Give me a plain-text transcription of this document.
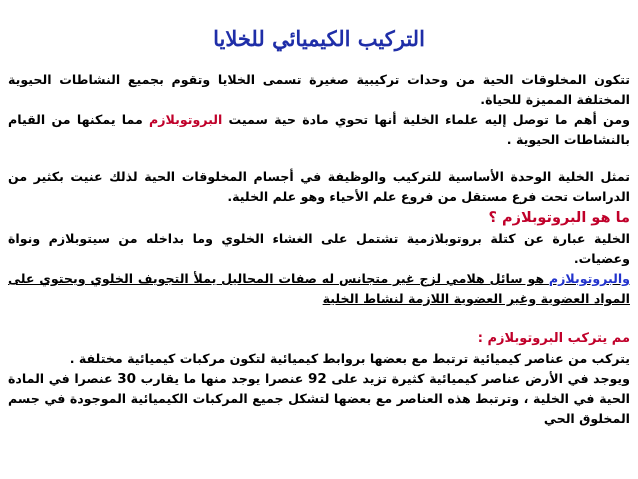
التركيب الكيميائي للخلايا

تتكون المخلوقات الحية من وحدات تركيبية صغيرة تسمى الخلايا وتقوم بجميع النشاطات الحيوية المختلفة المميزة للحياة.

ومن أهم ما توصل إليه علماء الخلية أنها تحوي مادة حية سميت البروتوبلازم مما يمكنها من القيام بالنشاطات الحيوية .

تمثل الخلية الوحدة الأساسية للتركيب والوظيفة في أجسام المخلوقات الحية لذلك عنيت بكثير من الدراسات تحت فرع مستقل من فروع علم الأحياء وهو علم الخلية.

ما هو البروتوبلازم ؟

الخلية عبارة عن كتلة بروتوبلازمية تشتمل على الغشاء الخلوي وما بداخله من سيتوبلازم ونواة وعضيات.

والبروتوبلازم هو سائل هلامي لزج غير متجانس له صفات المحاليل يملأ التجويف الخلوي ويحتوي على المواد العضوية وغير العضوية اللازمة لنشاط الخلية

مم يتركب البروتوبلازم :

يتركب من عناصر كيميائية ترتبط مع بعضها بروابط كيميائية لتكون مركبات كيميائية مختلفة .

ويوجد في الأرض عناصر كيميائية كثيرة تزيد على 92 عنصرا يوجد منها ما يقارب 30 عنصرا في المادة الحية في الخلية ، وترتبط هذه العناصر مع بعضها لتشكل جميع المركبات الكيميائية الموجودة في جسم المخلوق الحي
